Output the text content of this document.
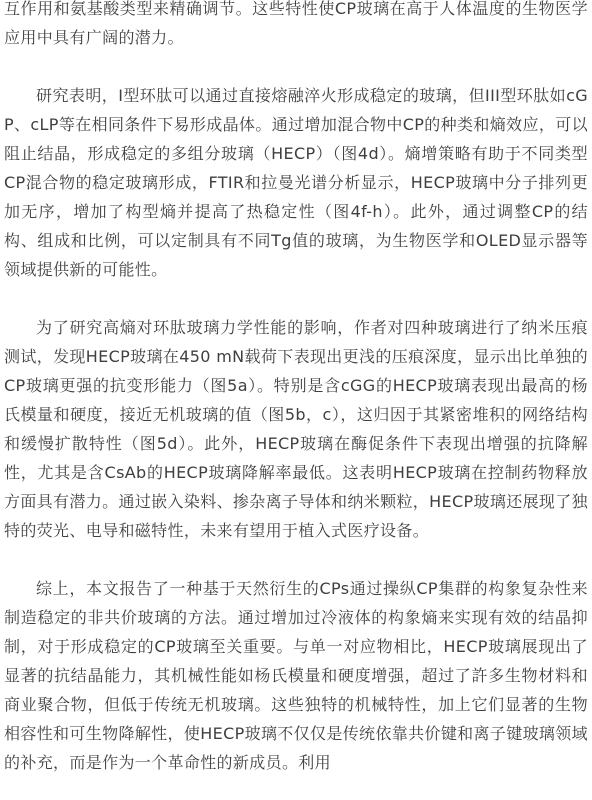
互作用和氨基酸类型来精确调节。这些特性使CP玻璃在高于人体温度的生物医学应用中具有广阔的潜力。

研究表明，I型环肽可以通过直接熔融淬火形成稳定的玻璃，但III型环肽如cGP、cLP等在相同条件下易形成晶体。通过增加混合物中CP的种类和熵效应，可以阻止结晶，形成稳定的多组分玻璃（HECP）（图4d）。熵增策略有助于不同类型CP混合物的稳定玻璃形成，FTIR和拉曼光谱分析显示，HECP玻璃中分子排列更加无序，增加了构型熵并提高了热稳定性（图4f-h）。此外，通过调整CP的结构、组成和比例，可以定制具有不同Tg值的玻璃，为生物医学和OLED显示器等领域提供新的可能性。

为了研究高熵对环肽玻璃力学性能的影响，作者对四种玻璃进行了纳米压痕测试，发现HECP玻璃在450 mN载荷下表现出更浅的压痕深度，显示出比单独的CP玻璃更强的抗变形能力（图5a）。特别是含cGG的HECP玻璃表现出最高的杨氏模量和硬度，接近无机玻璃的值（图5b，c），这归因于其紧密堆积的网络结构和缓慢扩散特性（图5d）。此外，HECP玻璃在酶促条件下表现出增强的抗降解性，尤其是含CsAb的HECP玻璃降解率最低。这表明HECP玻璃在控制药物释放方面具有潜力。通过嵌入染料、掺杂离子导体和纳米颗粒，HECP玻璃还展现了独特的荧光、电导和磁特性，未来有望用于植入式医疗设备。

综上，本文报告了一种基于天然衍生的CPs通过操纵CP集群的构象复杂性来制造稳定的非共价玻璃的方法。通过增加过冷液体的构象熵来实现有效的结晶抑制，对于形成稳定的CP玻璃至关重要。与单一对应物相比，HECP玻璃展现出了显著的抗结晶能力，其机械性能如杨氏模量和硬度增强，超过了許多生物材料和商业聚合物，但低于传统无机玻璃。这些独特的机械特性，加上它们显著的生物相容性和可生物降解性，使HECP玻璃不仅仅是传统依靠共价键和离子键玻璃领域的补充，而是作为一个革命性的新成员。利用
